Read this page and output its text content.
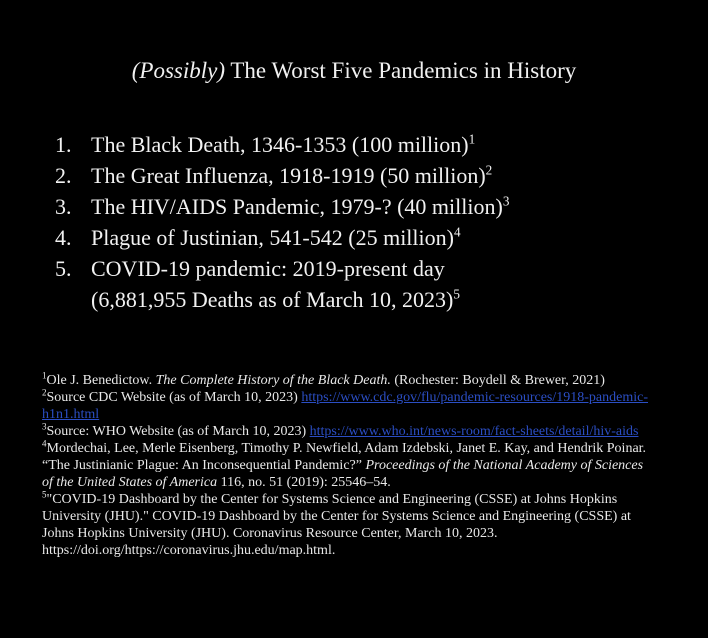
(Possibly) The Worst Five Pandemics in History
1. The Black Death, 1346-1353 (100 million)$^1$
2. The Great Influenza, 1918-1919 (50 million)$^2$
3. The HIV/AIDS Pandemic, 1979-? (40 million)$^3$
4. Plague of Justinian, 541-542 (25 million)$^4$
5. COVID-19 pandemic: 2019-present day
(6,881,955 Deaths as of March 10, 2023)$^5$

$^1$Ole J. Benedictow. The Complete History of the Black Death. (Rochester: Boydell & Brewer, 2021)

$^2$Source CDC Website (as of March 10, 2023) https://www.cdc.gov/flu/pandemic-resources/1918-pandemic-h1n1.html

$^3$Source: WHO Website (as of March 10, 2023) https://www.who.int/news-room/fact-sheets/detail/hiv-aids

$^4$Mordechai, Lee, Merle Eisenberg, Timothy P. Newfield, Adam Izdebski, Janet E. Kay, and Hendrik Poinar. “The Justinianic Plague: An Inconsequential Pandemic?” Proceedings of the National Academy of Sciences of the United States of America 116, no. 51 (2019): 25546–54.

$^5$"COVID-19 Dashboard by the Center for Systems Science and Engineering (CSSE) at Johns Hopkins University (JHU)." COVID-19 Dashboard by the Center for Systems Science and Engineering (CSSE) at Johns Hopkins University (JHU). Coronavirus Resource Center, March 10, 2023. https://doi.org/https://coronavirus.jhu.edu/map.html.
